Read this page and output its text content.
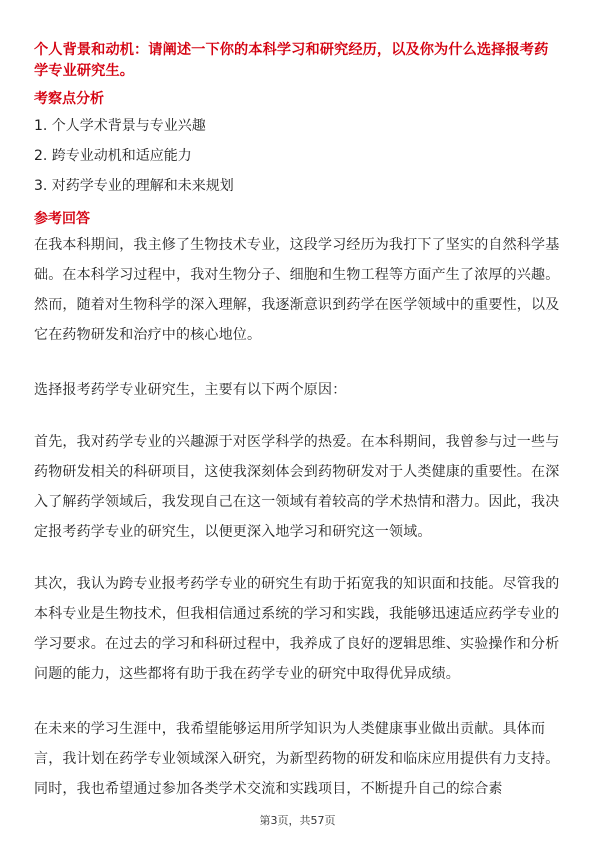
个人背景和动机：请阐述一下你的本科学习和研究经历，以及你为什么选择报考药学专业研究生。
考察点分析
1. 个人学术背景与专业兴趣
2. 跨专业动机和适应能力
3. 对药学专业的理解和未来规划
参考回答

在我本科期间，我主修了生物技术专业，这段学习经历为我打下了坚实的自然科学基础。在本科学习过程中，我对生物分子、细胞和生物工程等方面产生了浓厚的兴趣。然而，随着对生物科学的深入理解，我逐渐意识到药学在医学领域中的重要性，以及它在药物研发和治疗中的核心地位。

选择报考药学专业研究生，主要有以下两个原因：

首先，我对药学专业的兴趣源于对医学科学的热爱。在本科期间，我曾参与过一些与药物研发相关的科研项目，这使我深刻体会到药物研发对于人类健康的重要性。在深入了解药学领域后，我发现自己在这一领域有着较高的学术热情和潜力。因此，我决定报考药学专业的研究生，以便更深入地学习和研究这一领域。

其次，我认为跨专业报考药学专业的研究生有助于拓宽我的知识面和技能。尽管我的本科专业是生物技术，但我相信通过系统的学习和实践，我能够迅速适应药学专业的学习要求。在过去的学习和科研过程中，我养成了良好的逻辑思维、实验操作和分析问题的能力，这些都将有助于我在药学专业的研究中取得优异成绩。

在未来的学习生涯中，我希望能够运用所学知识为人类健康事业做出贡献。具体而言，我计划在药学专业领域深入研究，为新型药物的研发和临床应用提供有力支持。同时，我也希望通过参加各类学术交流和实践项目，不断提升自己的综合素

第3页，共57页
